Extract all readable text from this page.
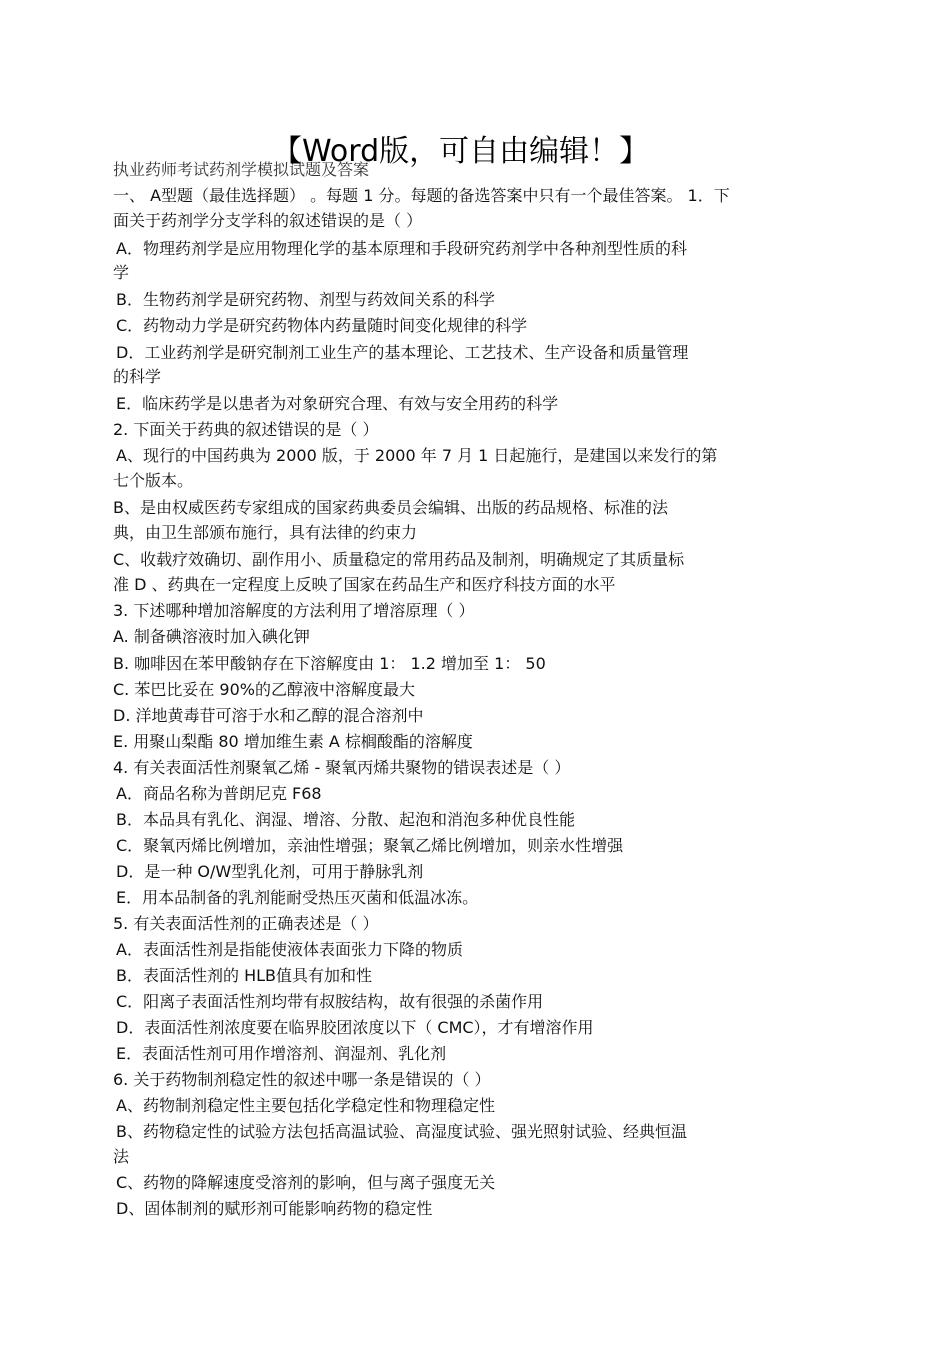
【Word版，可自由编辑！】
执业药师考试药剂学模拟试题及答案
一、 A型题（最佳选择题） 。每题 1 分。每题的备选答案中只有一个最佳答案。 1．下
面关于药剂学分支学科的叙述错误的是（ ）
A．物理药剂学是应用物理化学的基本原理和手段研究药剂学中各种剂型性质的科
学
B．生物药剂学是研究药物、剂型与药效间关系的科学
C．药物动力学是研究药物体内药量随时间变化规律的科学
D．工业药剂学是研究制剂工业生产的基本理论、工艺技术、生产设备和质量管理
的科学
E．临床药学是以患者为对象研究合理、有效与安全用药的科学
2. 下面关于药典的叙述错误的是（ ）
A、现行的中国药典为 2000 版，于 2000 年 7 月 1 日起施行，是建国以来发行的第
七个版本。
B、是由权威医药专家组成的国家药典委员会编辑、出版的药品规格、标准的法
典，由卫生部颁布施行，具有法律的约束力
C、收载疗效确切、副作用小、质量稳定的常用药品及制剂，明确规定了其质量标
准 D 、药典在一定程度上反映了国家在药品生产和医疗科技方面的水平
3. 下述哪种增加溶解度的方法利用了增溶原理（ ）
A. 制备碘溶液时加入碘化钾
B. 咖啡因在苯甲酸钠存在下溶解度由 1： 1.2 增加至 1： 50
C. 苯巴比妥在 90%的乙醇液中溶解度最大
D. 洋地黄毒苷可溶于水和乙醇的混合溶剂中
E. 用聚山梨酯 80 增加维生素 A 棕榈酸酯的溶解度
4. 有关表面活性剂聚氧乙烯 - 聚氧丙烯共聚物的错误表述是（ ）
A．商品名称为普朗尼克 F68
B．本品具有乳化、润湿、增溶、分散、起泡和消泡多种优良性能
C．聚氧丙烯比例增加，亲油性增强；聚氧乙烯比例增加，则亲水性增强
D．是一种 O/W型乳化剂，可用于静脉乳剂
E．用本品制备的乳剂能耐受热压灭菌和低温冰冻。
5. 有关表面活性剂的正确表述是（ ）
A．表面活性剂是指能使液体表面张力下降的物质
B．表面活性剂的 HLB值具有加和性
C．阳离子表面活性剂均带有叔胺结构，故有很强的杀菌作用
D．表面活性剂浓度要在临界胶团浓度以下（ CMC），才有增溶作用
E．表面活性剂可用作增溶剂、润湿剂、乳化剂
6. 关于药物制剂稳定性的叙述中哪一条是错误的（ ）
A、药物制剂稳定性主要包括化学稳定性和物理稳定性
B、药物稳定性的试验方法包括高温试验、高湿度试验、强光照射试验、经典恒温
法
C、药物的降解速度受溶剂的影响，但与离子强度无关
D、固体制剂的赋形剂可能影响药物的稳定性
